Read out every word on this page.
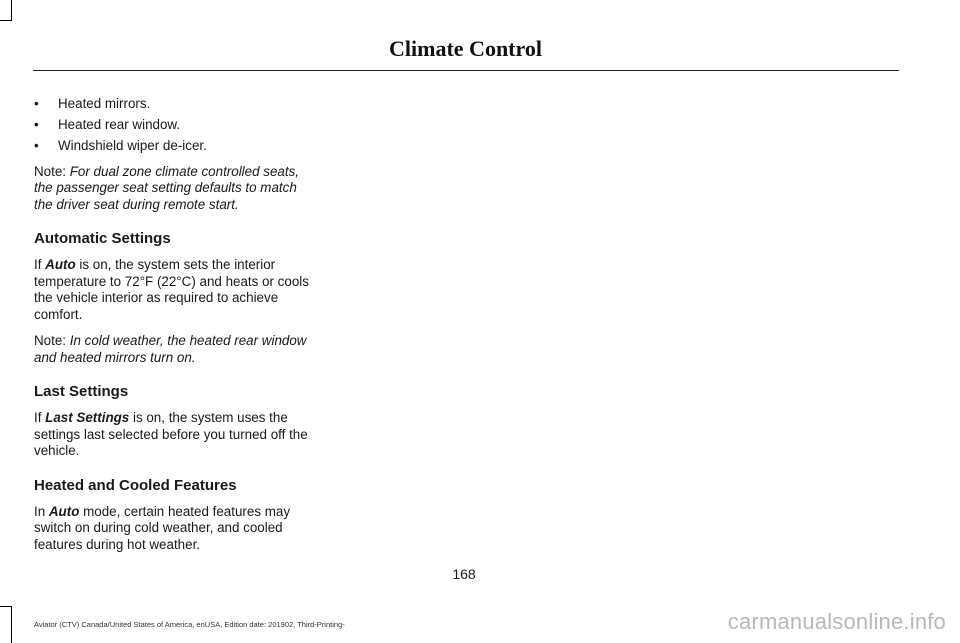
Climate Control
• Heated mirrors.
• Heated rear window.
• Windshield wiper de-icer.

Note: For dual zone climate controlled seats, the passenger seat setting defaults to match the driver seat during remote start.

Automatic Settings

If Auto is on, the system sets the interior temperature to 72°F (22°C) and heats or cools the vehicle interior as required to achieve comfort.

Note: In cold weather, the heated rear window and heated mirrors turn on.

Last Settings

If Last Settings is on, the system uses the settings last selected before you turned off the vehicle.

Heated and Cooled Features

In Auto mode, certain heated features may switch on during cold weather, and cooled features during hot weather.

168
Aviator (CTV) Canada/United States of America, enUSA, Edition date: 201902, Third-Printing-	carmanualsonline.info
